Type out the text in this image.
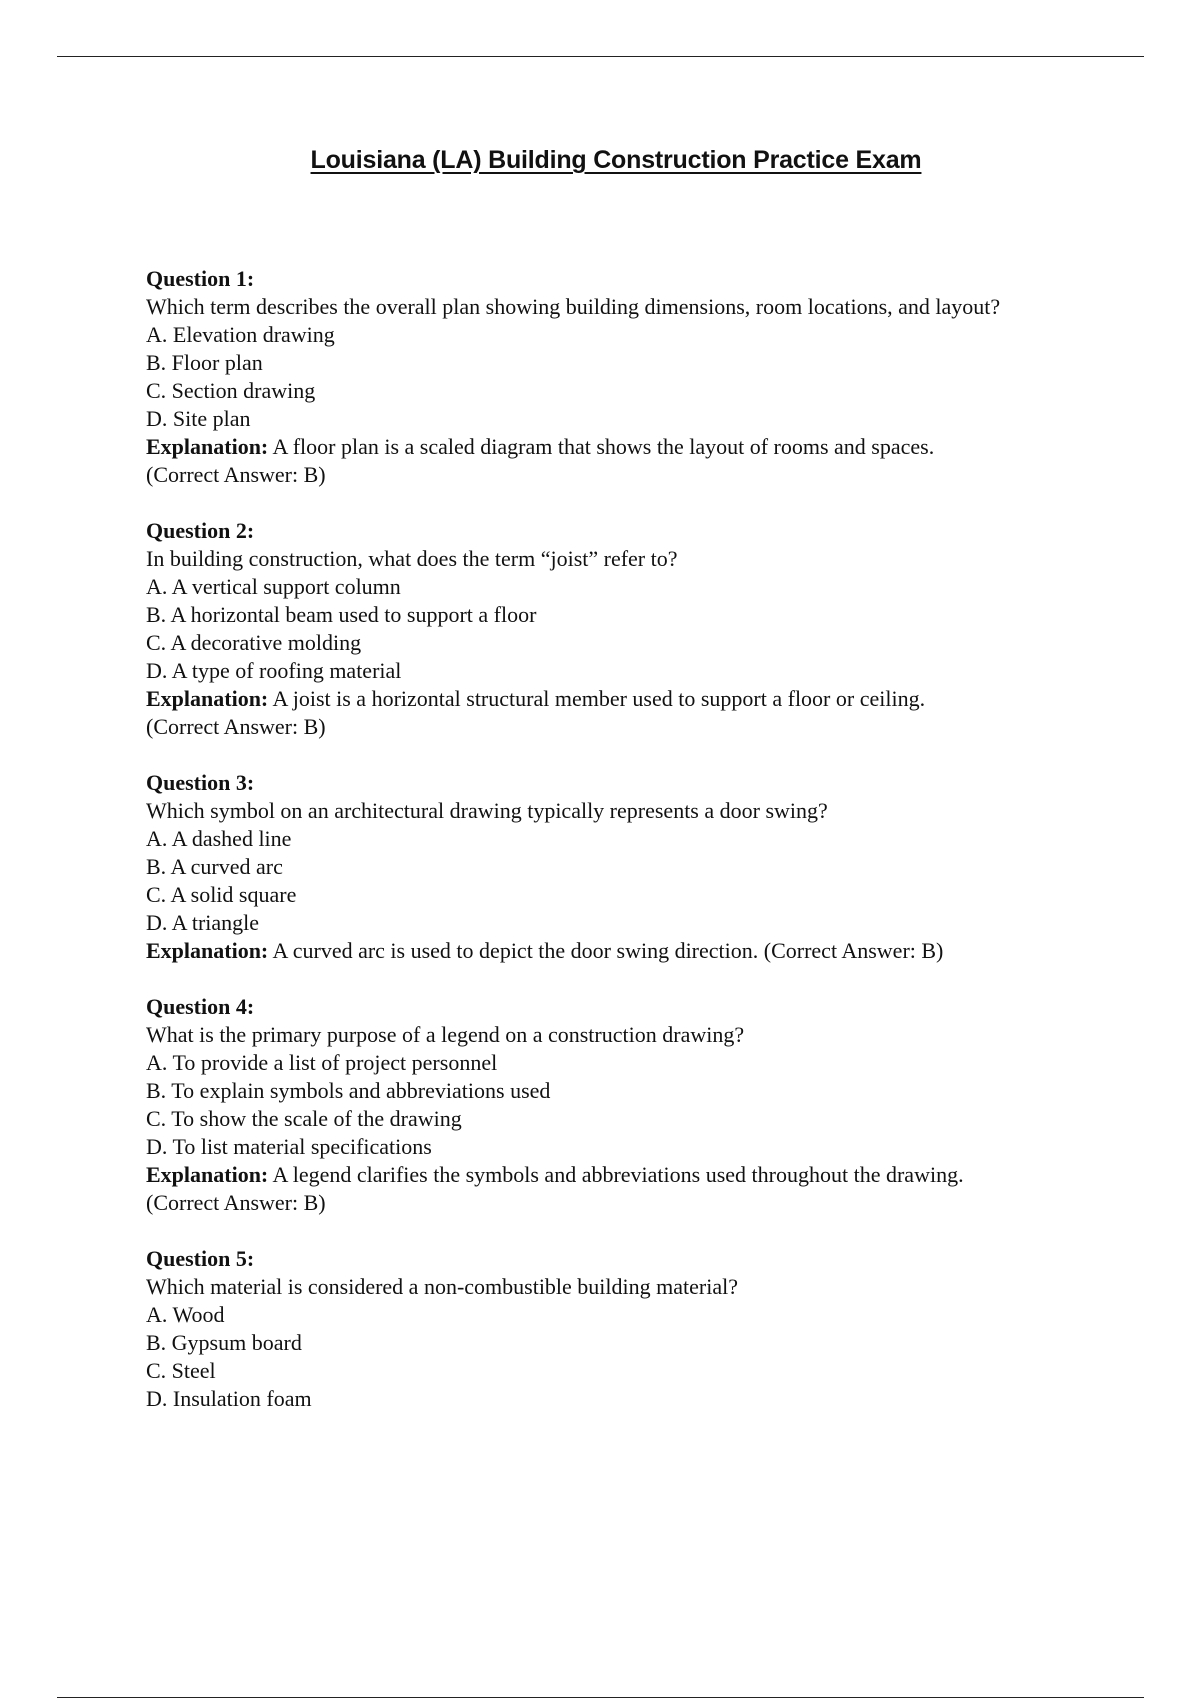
Louisiana (LA) Building Construction Practice Exam
Question 1:
Which term describes the overall plan showing building dimensions, room locations, and layout?
A. Elevation drawing
B. Floor plan
C. Section drawing
D. Site plan
Explanation: A floor plan is a scaled diagram that shows the layout of rooms and spaces.
(Correct Answer: B)
Question 2:
In building construction, what does the term “joist” refer to?
A. A vertical support column
B. A horizontal beam used to support a floor
C. A decorative molding
D. A type of roofing material
Explanation: A joist is a horizontal structural member used to support a floor or ceiling.
(Correct Answer: B)
Question 3:
Which symbol on an architectural drawing typically represents a door swing?
A. A dashed line
B. A curved arc
C. A solid square
D. A triangle
Explanation: A curved arc is used to depict the door swing direction. (Correct Answer: B)
Question 4:
What is the primary purpose of a legend on a construction drawing?
A. To provide a list of project personnel
B. To explain symbols and abbreviations used
C. To show the scale of the drawing
D. To list material specifications
Explanation: A legend clarifies the symbols and abbreviations used throughout the drawing.
(Correct Answer: B)
Question 5:
Which material is considered a non-combustible building material?
A. Wood
B. Gypsum board
C. Steel
D. Insulation foam
